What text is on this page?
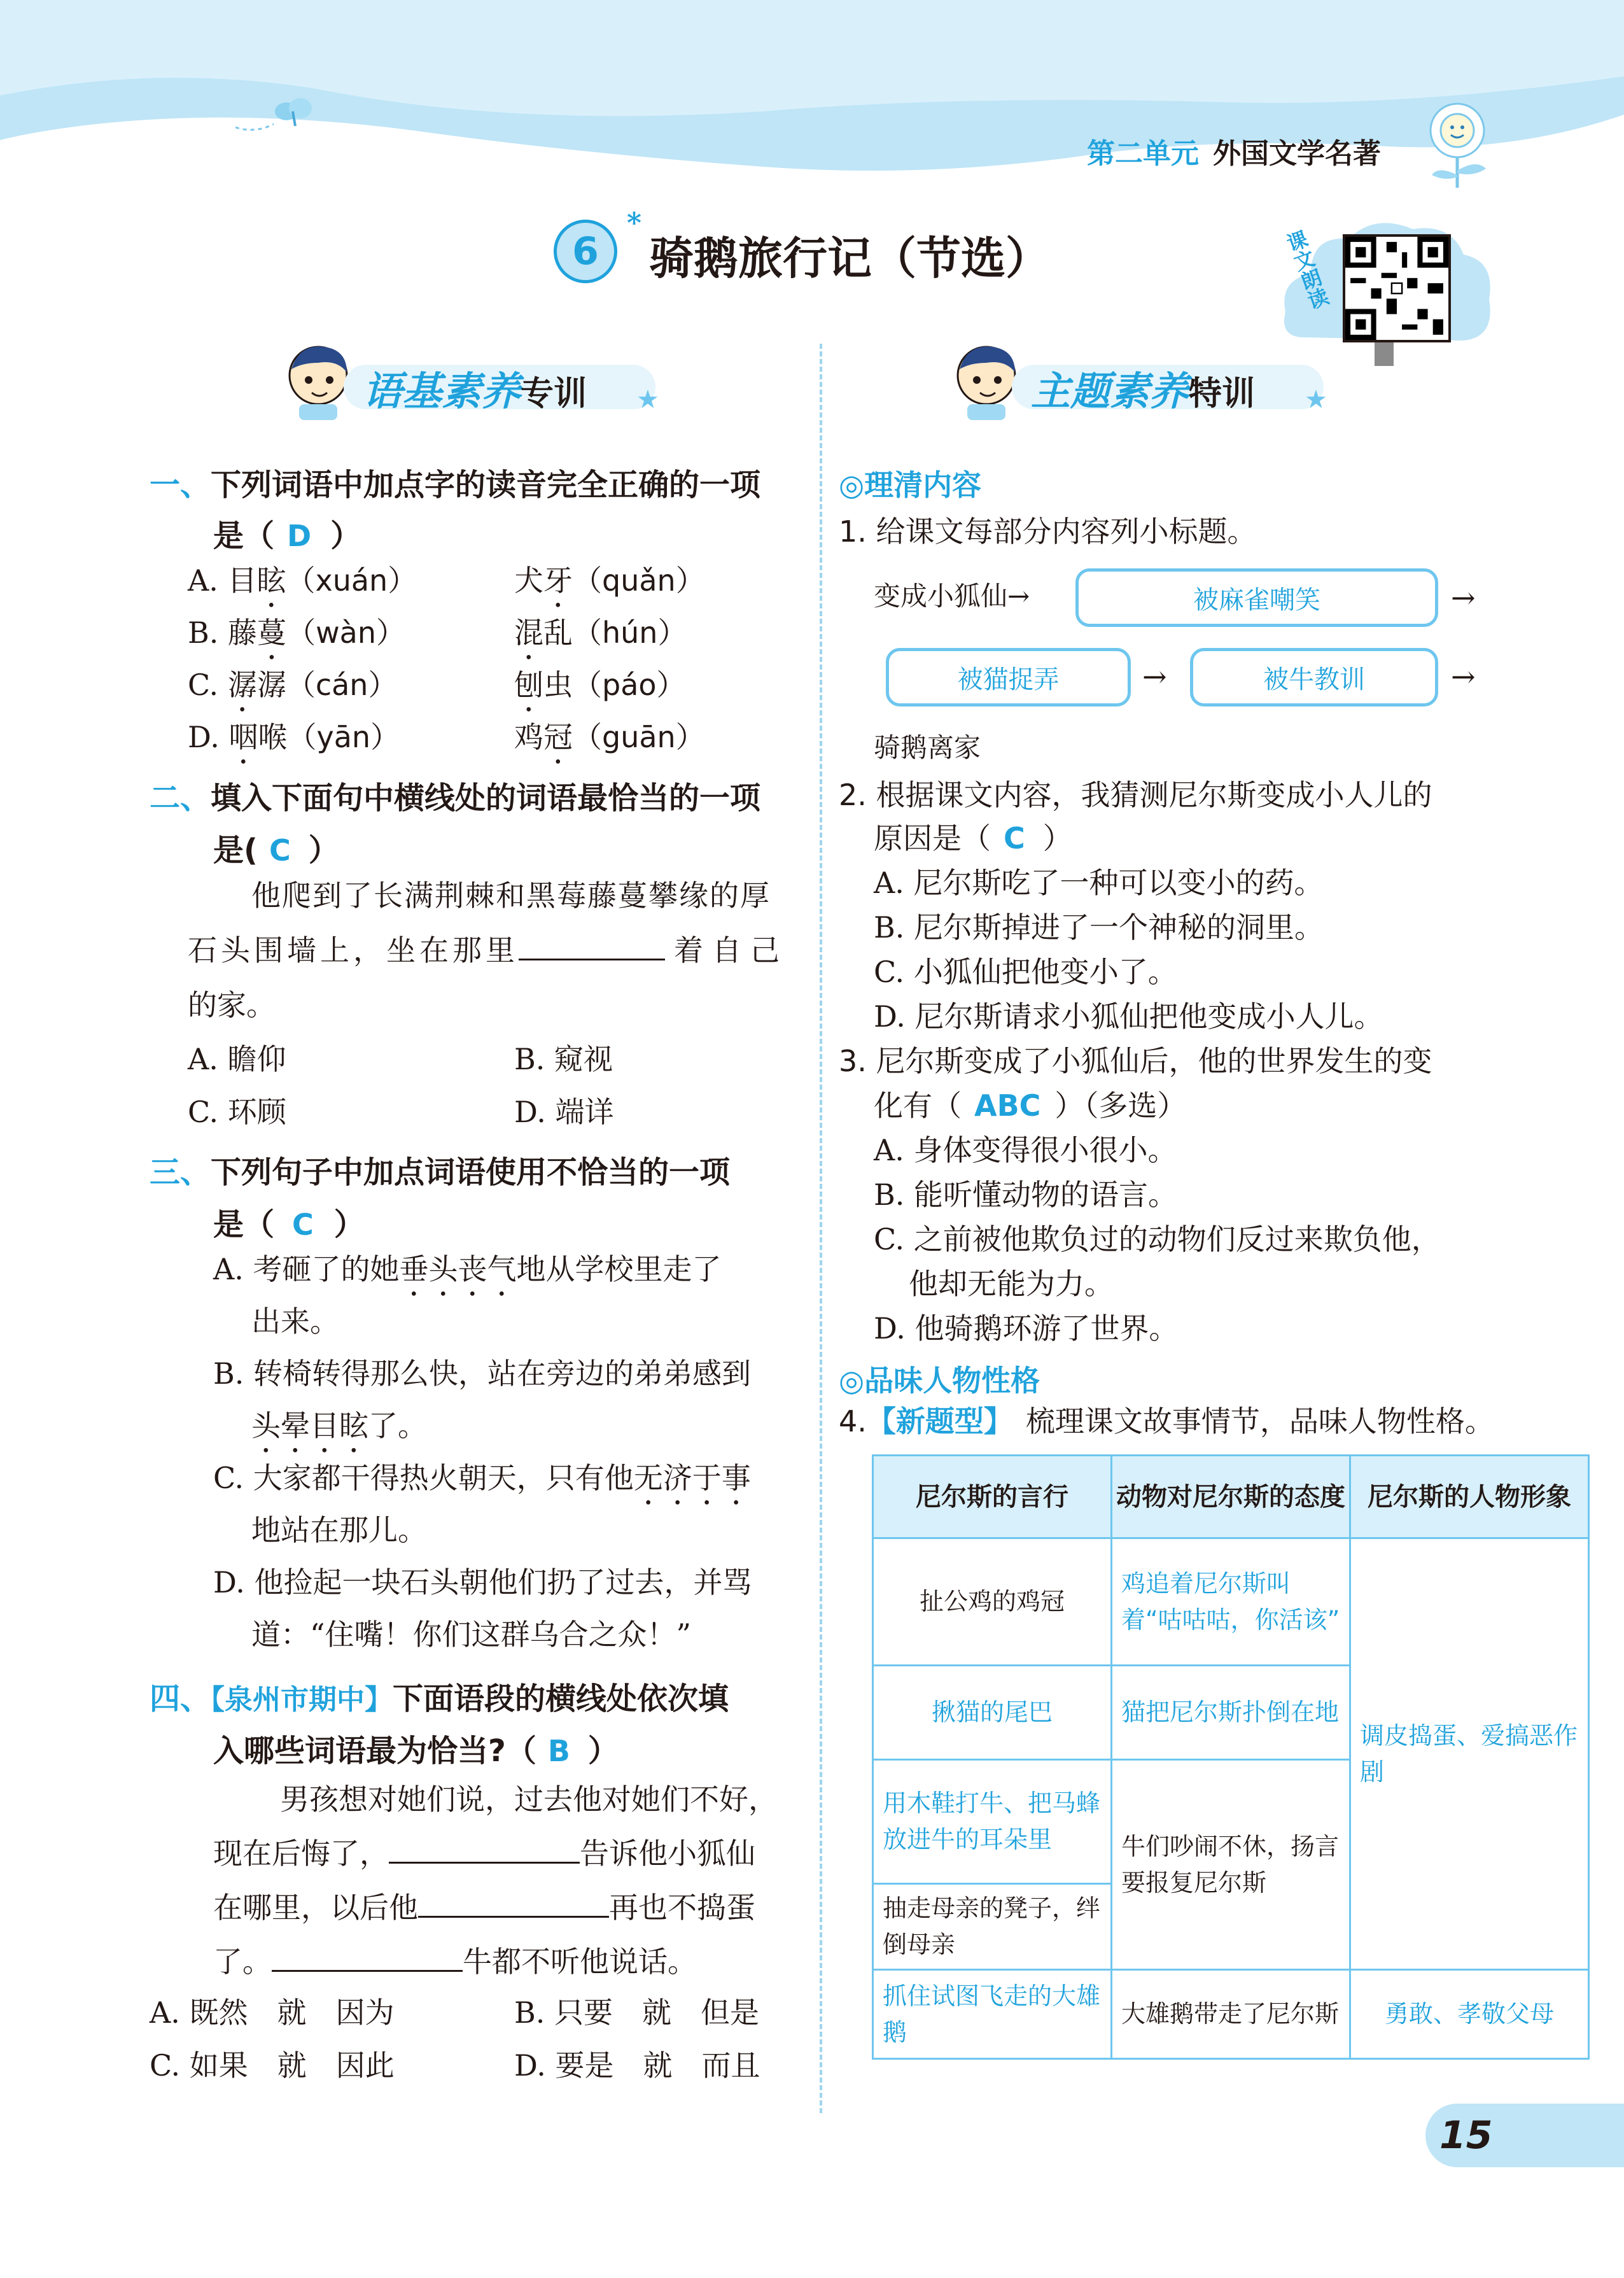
第二单元 外国文学名著
6
*
骑鹅旅行记（节选）	课文朗读
语基素养专训 ★	主题素养特训 ★
一、下列词语中加点字的读音完全正确的一项
是（ D ）
A. 目眩（xuán）	犬牙（quǎn）
B. 藤蔓（wàn）	混乱（hún）
C. 潺潺（cán）	刨虫（páo）
D. 咽喉（yān）	鸡冠（guān）
二、填入下面句中横线处的词语最恰当的一项
是( C ）
他爬到了长满荆棘和黑莓藤蔓攀缘的厚
石头围墙上，坐在那里	着自己
的家。
A. 瞻仰	B. 窥视
C. 环顾	D. 端详
三、下列句子中加点词语使用不恰当的一项
是（ C ）
A. 考砸了的她垂头丧气地从学校里走了
出来。
B. 转椅转得那么快，站在旁边的弟弟感到
头晕目眩了。
C. 大家都干得热火朝天，只有他无济于事
地站在那儿。
D. 他捡起一块石头朝他们扔了过去，并骂
道：“住嘴！你们这群乌合之众！”
四、【泉州市期中】下面语段的横线处依次填
入哪些词语最为恰当?（ B ）
男孩想对她们说，过去他对她们不好，
现在后悔了，	告诉他小狐仙
在哪里，以后他	再也不捣蛋
了。	牛都不听他说话。
A. 既然　就　因为	B. 只要　就　但是
C. 如果　就　因此	D. 要是　就　而且
◎理清内容
1. 给课文每部分内容列小标题。
变成小狐仙→	被麻雀嘲笑	→
被猫捉弄	→	被牛教训	→
骑鹅离家
2. 根据课文内容，我猜测尼尔斯变成小人儿的
原因是（ C ）
A. 尼尔斯吃了一种可以变小的药。
B. 尼尔斯掉进了一个神秘的洞里。
C. 小狐仙把他变小了。
D. 尼尔斯请求小狐仙把他变成小人儿。
3. 尼尔斯变成了小狐仙后，他的世界发生的变
化有（ ABC ）（多选）
A. 身体变得很小很小。
B. 能听懂动物的语言。
C. 之前被他欺负过的动物们反过来欺负他，
他却无能为力。
D. 他骑鹅环游了世界。
◎品味人物性格
4.【新题型】 梳理课文故事情节，品味人物性格。
尼尔斯的言行	动物对尼尔斯的态度	尼尔斯的人物形象

扯公鸡的鸡冠	鸡追着尼尔斯叫着“咕咕咕，你活该”	调皮捣蛋、爱搞恶作剧
揪猫的尾巴	猫把尼尔斯扑倒在地	
用木鞋打牛、把马蜂放进牛的耳朵里	牛们吵闹不休，扬言要报复尼尔斯	
抽走母亲的凳子，绊倒母亲		
抓住试图飞走的大雄鹅	大雄鹅带走了尼尔斯	勇敢、孝敬父母
15
